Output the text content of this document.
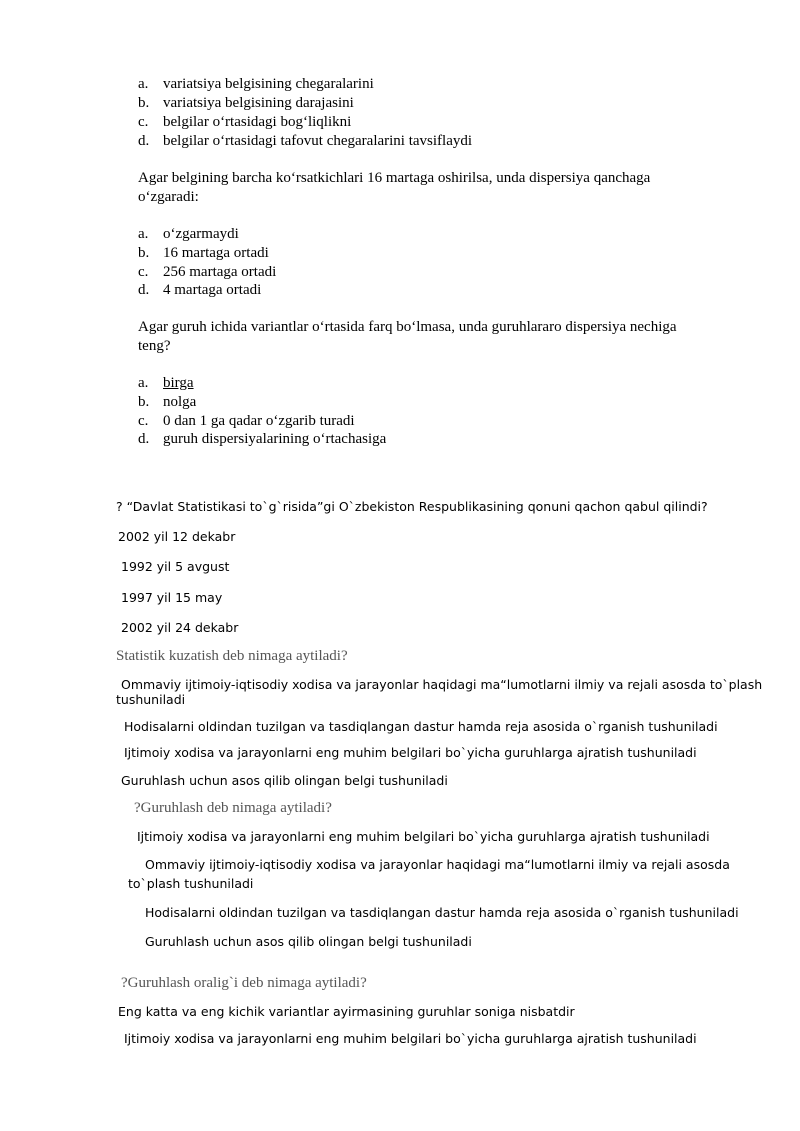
a. variatsiya belgisining chegaralarini
b. variatsiya belgisining darajasini
c. belgilar o‘rtasidagi bog‘liqlikni
d. belgilar o‘rtasidagi tafovut chegaralarini tavsiflaydi
Agar belgining barcha ko‘rsatkichlari 16 martaga oshirilsa, unda dispersiya qanchaga
o‘zgaradi:
a. o‘zgarmaydi
b. 16 martaga ortadi
c. 256 martaga ortadi
d. 4 martaga ortadi
Agar guruh ichida variantlar o‘rtasida farq bo‘lmasa, unda guruhlararo dispersiya nechiga
teng?
a. birga
b. nolga
c. 0 dan 1 ga qadar o‘zgarib turadi
d. guruh dispersiyalarining o‘rtachasiga
? “Davlat Statistikasi to`g`risida”gi O`zbekiston Respublikasining qonuni qachon qabul qilindi?
2002 yil 12 dekabr
1992 yil 5 avgust
1997 yil 15 may
2002 yil 24 dekabr
Statistik kuzatish deb nimaga aytiladi?
Ommaviy ijtimoiy-iqtisodiy xodisa va jarayonlar haqidagi ma“lumotlarni ilmiy va rejali asosda to`plash
tushuniladi
Hodisalarni oldindan tuzilgan va tasdiqlangan dastur hamda reja asosida o`rganish tushuniladi
Ijtimoiy xodisa va jarayonlarni eng muhim belgilari bo`yicha guruhlarga ajratish tushuniladi
Guruhlash uchun asos qilib olingan belgi tushuniladi
?Guruhlash deb nimaga aytiladi?
Ijtimoiy xodisa va jarayonlarni eng muhim belgilari bo`yicha guruhlarga ajratish tushuniladi
Ommaviy ijtimoiy-iqtisodiy xodisa va jarayonlar haqidagi ma“lumotlarni ilmiy va rejali asosda
to`plash tushuniladi
Hodisalarni oldindan tuzilgan va tasdiqlangan dastur hamda reja asosida o`rganish tushuniladi
Guruhlash uchun asos qilib olingan belgi tushuniladi
?Guruhlash oralig`i deb nimaga aytiladi?
Eng katta va eng kichik variantlar ayirmasining guruhlar soniga nisbatdir
Ijtimoiy xodisa va jarayonlarni eng muhim belgilari bo`yicha guruhlarga ajratish tushuniladi
